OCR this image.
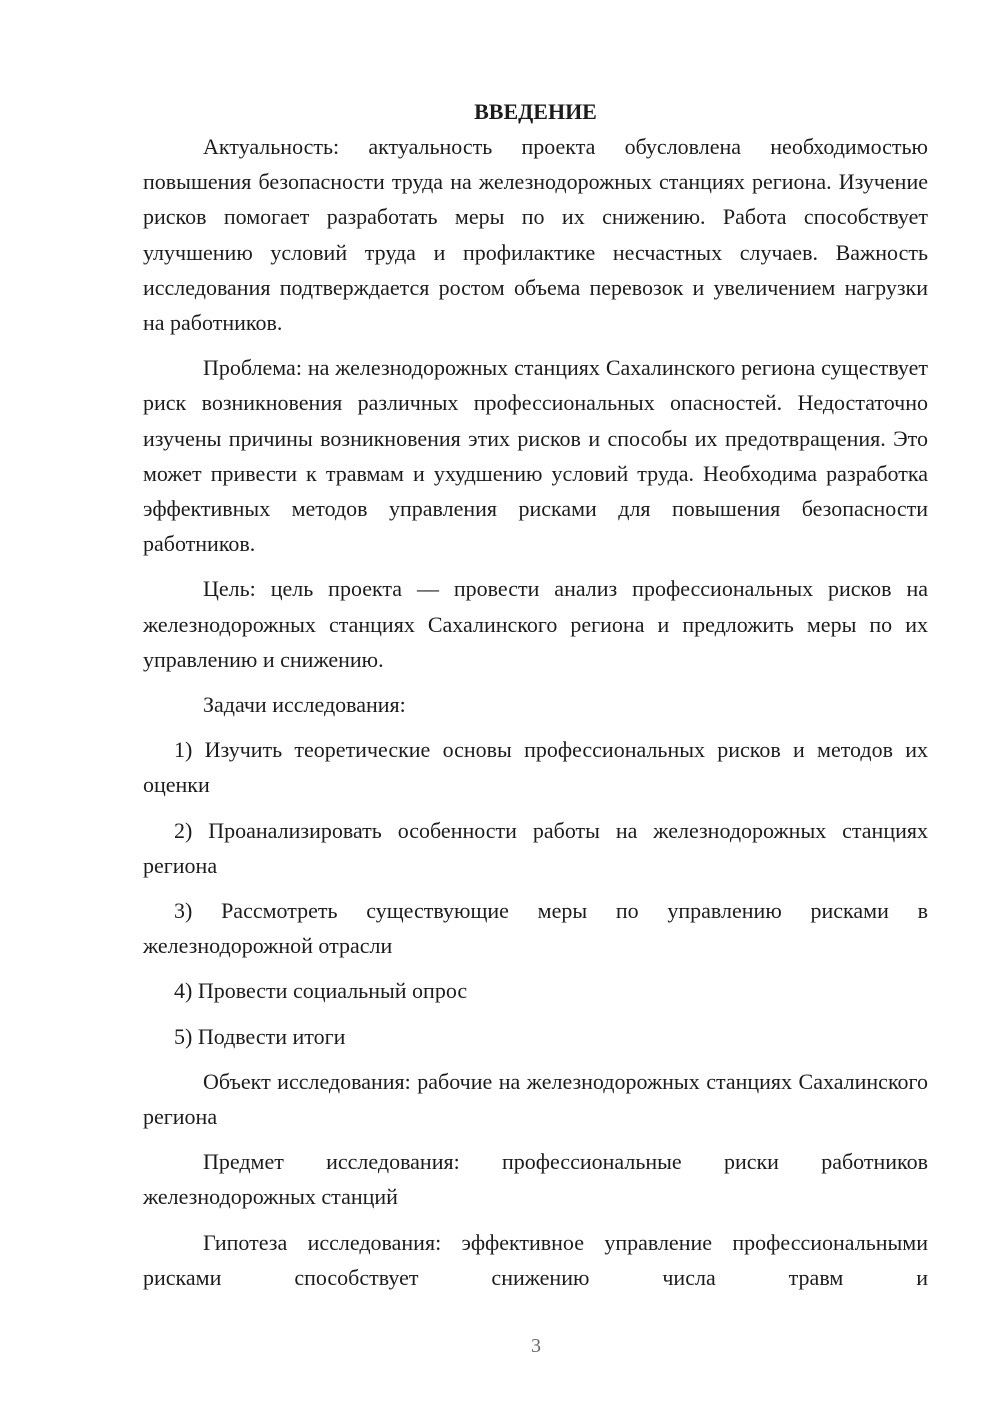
ВВЕДЕНИЕ

Актуальность: актуальность проекта обусловлена необходимостью повышения безопасности труда на железнодорожных станциях региона. Изучение рисков помогает разработать меры по их снижению. Работа способствует улучшению условий труда и профилактике несчастных случаев. Важность исследования подтверждается ростом объема перевозок и увеличением нагрузки на работников.

Проблема: на железнодорожных станциях Сахалинского региона существует риск возникновения различных профессиональных опасностей. Недостаточно изучены причины возникновения этих рисков и способы их предотвращения. Это может привести к травмам и ухудшению условий труда. Необходима разработка эффективных методов управления рисками для повышения безопасности работников.

Цель: цель проекта — провести анализ профессиональных рисков на железнодорожных станциях Сахалинского региона и предложить меры по их управлению и снижению.

Задачи исследования:

1) Изучить теоретические основы профессиональных рисков и методов их оценки

2) Проанализировать особенности работы на железнодорожных станциях региона

3) Рассмотреть существующие меры по управлению рисками в железнодорожной отрасли

4) Провести социальный опрос

5) Подвести итоги

Объект исследования: рабочие на железнодорожных станциях Сахалинского региона

Предмет исследования: профессиональные риски работников железнодорожных станций

Гипотеза исследования: эффективное управление профессиональными рисками способствует снижению числа травм и

3
